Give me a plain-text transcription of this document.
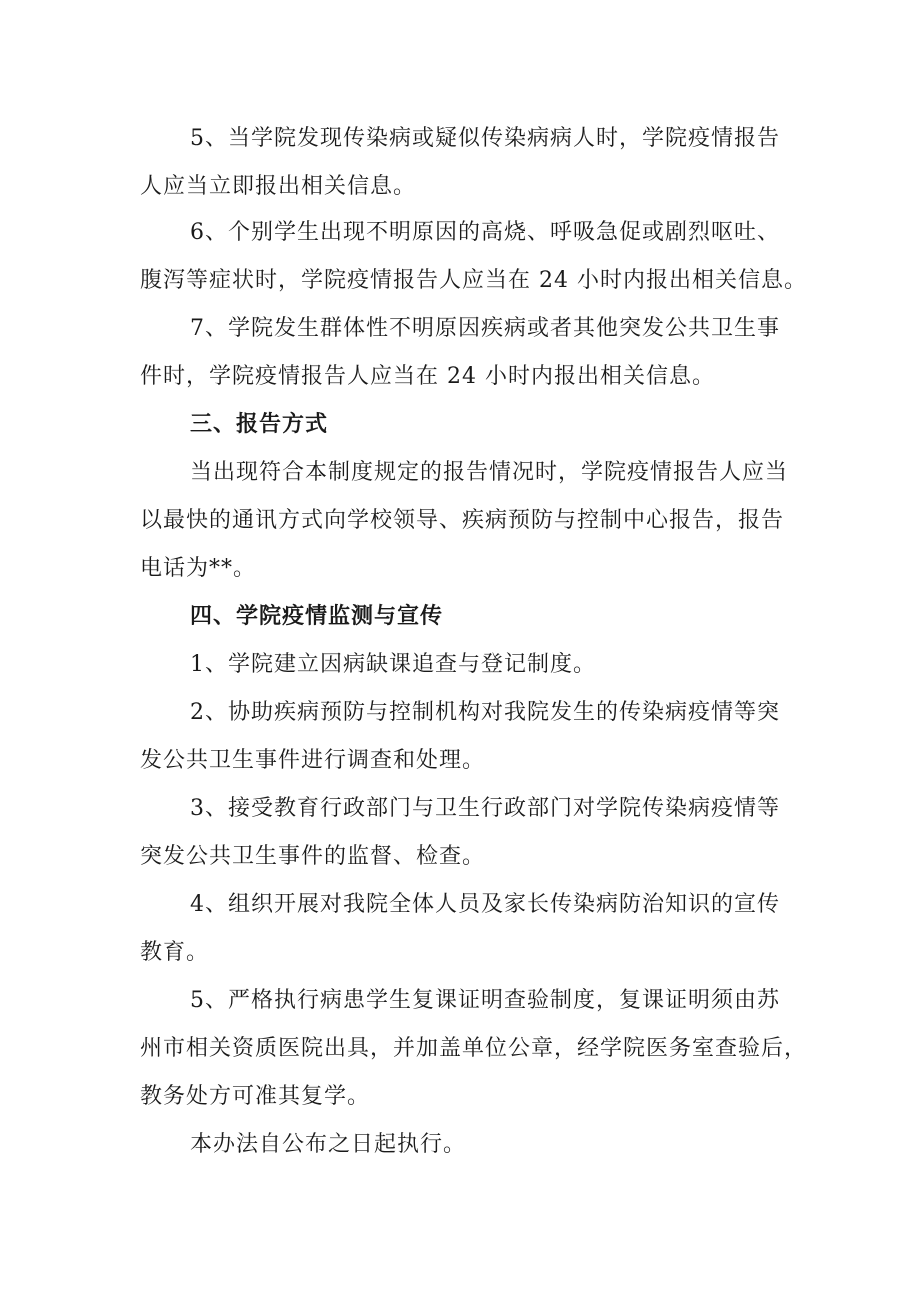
5、当学院发现传染病或疑似传染病病人时，学院疫情报告
人应当立即报出相关信息。
6、个别学生出现不明原因的高烧、呼吸急促或剧烈呕吐、
腹泻等症状时，学院疫情报告人应当在 24 小时内报出相关信息。
7、学院发生群体性不明原因疾病或者其他突发公共卫生事
件时，学院疫情报告人应当在 24 小时内报出相关信息。
三、报告方式
当出现符合本制度规定的报告情况时，学院疫情报告人应当
以最快的通讯方式向学校领导、疾病预防与控制中心报告，报告
电话为**。
四、学院疫情监测与宣传
1、学院建立因病缺课追查与登记制度。
2、协助疾病预防与控制机构对我院发生的传染病疫情等突
发公共卫生事件进行调查和处理。
3、接受教育行政部门与卫生行政部门对学院传染病疫情等
突发公共卫生事件的监督、检查。
4、组织开展对我院全体人员及家长传染病防治知识的宣传
教育。
5、严格执行病患学生复课证明查验制度，复课证明须由苏
州市相关资质医院出具，并加盖单位公章，经学院医务室查验后，
教务处方可准其复学。
本办法自公布之日起执行。
